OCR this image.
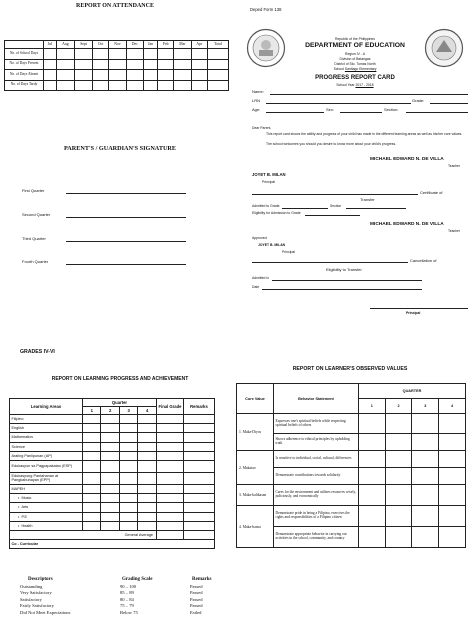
REPORT ON ATTENDANCE
	Jul	Aug	Sept	Oct	Nov	Dec	Jan	Feb	Mar	Apr	Total
No. of School Days											
No. of Days Present											
No. of Days Absent											
No. of Days Tardy											
PARENT'S / GUARDIAN'S SIGNATURE
First Quarter
Second Quarter
Third Quarter
Fourth Quarter
Deped Form 138
Republic of the Philippines
DEPARTMENT OF EDUCATION
Region IV - A
Division of Batangas
District of Sto. Tomas North
School Santiago Elementary
PROGRESS REPORT CARD
School Year 2017 - 2018
Name:
LRN	Grade:
Age:	Sex:	Section:
Dear Parent,
This report card shows the ability and progress of your child has made in the different learning areas as well as his/her core values.
The school welcomes you should you desire to know more about your child's progress.
MICHAEL EDWARD N. DE VILLA
Teacher
JOYET B. MILAN
Principal
Certificate of
Transfer
Admitted to Grade	Section
Eligibility for Admission to Grade
MICHAEL EDWARD N. DE VILLA
Teacher
Approved:
JOYET B. MILAN
Principal
Cancellation of
Eligibility to Transfer
Admitted in
Date
Principal
GRADES IV-VI
REPORT ON LEARNING PROGRESS AND ACHIEVEMENT
Learning Areas	Quarter				Final Grade	Remarks
	1	2	3	4		
Filipino						
English						
Mathematics						
Science						
Araling Panlipunan (AP)						
Edukasyon sa Pagpapakatao (ESP)						
Edukasyong Pantahanan at Pangkabuhayan (EPP)						
MAPEH						
•  Music						
•  Arts						
•  P.E						
•  Health						
General Average						
Co - Curricular						
Descriptors	Grading Scale	Remarks
Outstanding	90 – 100	Passed
Very Satisfactory	85 – 89	Passed
Satisfactory	80 – 84	Passed
Fairly Satisfactory	75 – 79	Passed
Did Not Meet Expectations	Below 75	Failed
REPORT ON LEARNER'S OBSERVED VALUES
Core Value	Behavior Statement	QUARTER			
		1	2	3	4
1. Maka-Diyos	Expresses one's spiritual beliefs while respecting spiritual beliefs of others				
	Shows adherence to ethical principles by upholding truth				
2. Makatao	Is sensitive to individual, social, cultural, differences				
	Demonstrate contributions towards solidarity				
3. Maka-kalikasan	Cares for the environment and utilizes resources wisely, judiciously, and economically				
4. Maka-bansa	Demonstrate pride in being a Filipino, exercises the rights and responsibilities of a Filipino citizen				
	Demonstrate appropriate behavior in carrying out activities in the school, community, and country				
